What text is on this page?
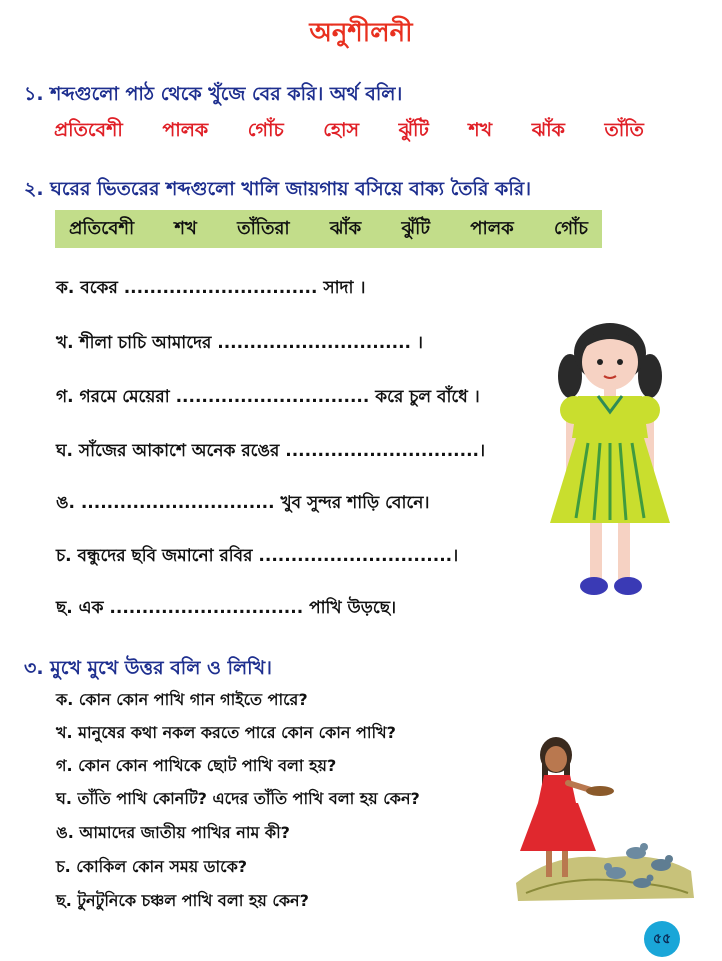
অনুশীলনী
১. শব্দগুলো পাঠ থেকে খুঁজে বের করি। অর্থ বলি।
প্রতিবেশী পালক গোঁচ হোস ঝুঁটি শখ ঝাঁক তাঁতি
২. ঘরের ভিতরের শব্দগুলো খালি জায়গায় বসিয়ে বাক্য তৈরি করি।
প্রতিবেশী শখ তাঁতিরা ঝাঁক ঝুঁটি পালক গোঁচ
ক. বকের .............................. সাদা ।
খ. শীলা চাচি আমাদের .............................. ।
গ. গরমে মেয়েরা .............................. করে চুল বাঁধে ।
ঘ. সাঁজের আকাশে অনেক রঙের ..............................।
ঙ. .............................. খুব সুন্দর শাড়ি বোনে।
চ. বন্ধুদের ছবি জমানো রবির ..............................।
ছ. এক .............................. পাখি উড়ছে।
৩. মুখে মুখে উত্তর বলি ও লিখি।
ক. কোন কোন পাখি গান গাইতে পারে?
খ. মানুষের কথা নকল করতে পারে কোন কোন পাখি?
গ. কোন কোন পাখিকে ছোট পাখি বলা হয়?
ঘ. তাঁতি পাখি কোনটি? এদের তাঁতি পাখি বলা হয় কেন?
ঙ. আমাদের জাতীয় পাখির নাম কী?
চ. কোকিল কোন সময় ডাকে?
ছ. টুনটুনিকে চঞ্চল পাখি বলা হয় কেন?
৫৫
